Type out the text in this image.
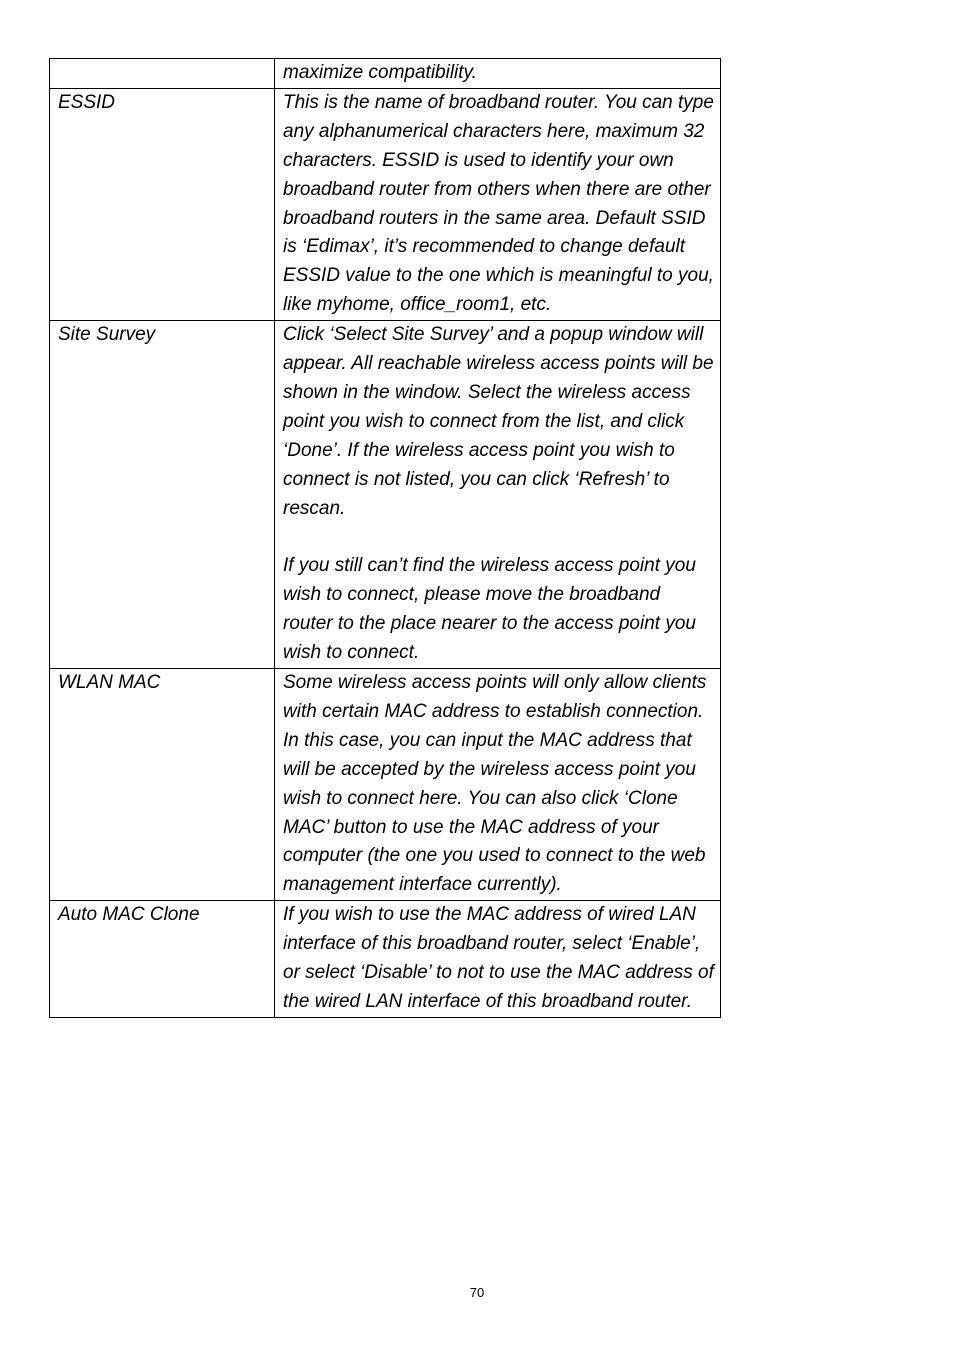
	maximize compatibility.
ESSID	This is the name of broadband router. You can type any alphanumerical characters here, maximum 32 characters. ESSID is used to identify your own broadband router from others when there are other broadband routers in the same area. Default SSID is ‘Edimax’, it’s recommended to change default ESSID value to the one which is meaningful to you, like myhome, office_room1, etc.
Site Survey	Click ‘Select Site Survey’ and a popup window will appear. All reachable wireless access points will be shown in the window. Select the wireless access point you wish to connect from the list, and click ‘Done’. If the wireless access point you wish to connect is not listed, you can click ‘Refresh’ to rescan.

If you still can’t find the wireless access point you wish to connect, please move the broadband router to the place nearer to the access point you wish to connect.
WLAN MAC	Some wireless access points will only allow clients with certain MAC address to establish connection. In this case, you can input the MAC address that will be accepted by the wireless access point you wish to connect here. You can also click ‘Clone MAC’ button to use the MAC address of your computer (the one you used to connect to the web management interface currently).
Auto MAC Clone	If you wish to use the MAC address of wired LAN interface of this broadband router, select ‘Enable’, or select ‘Disable’ to not to use the MAC address of the wired LAN interface of this broadband router.
70
